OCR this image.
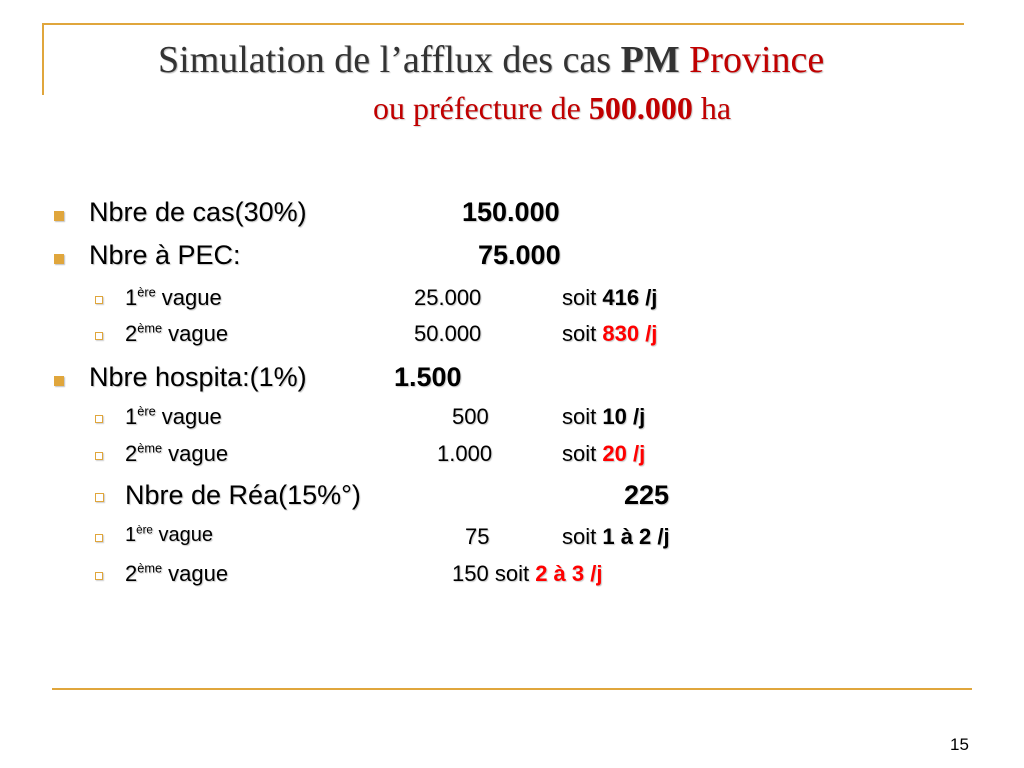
Simulation de l’afflux des cas PM Province
ou préfecture de 500.000 ha
Nbre de cas(30%)	150.000
Nbre à PEC:	75.000
1ère vague	25.000	soit 416 /j
2ème vague	50.000	soit 830 /j
Nbre hospita:(1%)	1.500
1ère vague	500	soit 10 /j
2ème vague	1.000	soit 20 /j
Nbre de Réa(15%°)	225
1ère vague	75	soit 1 à 2 /j
2ème vague	150 soit 2 à 3 /j
15
